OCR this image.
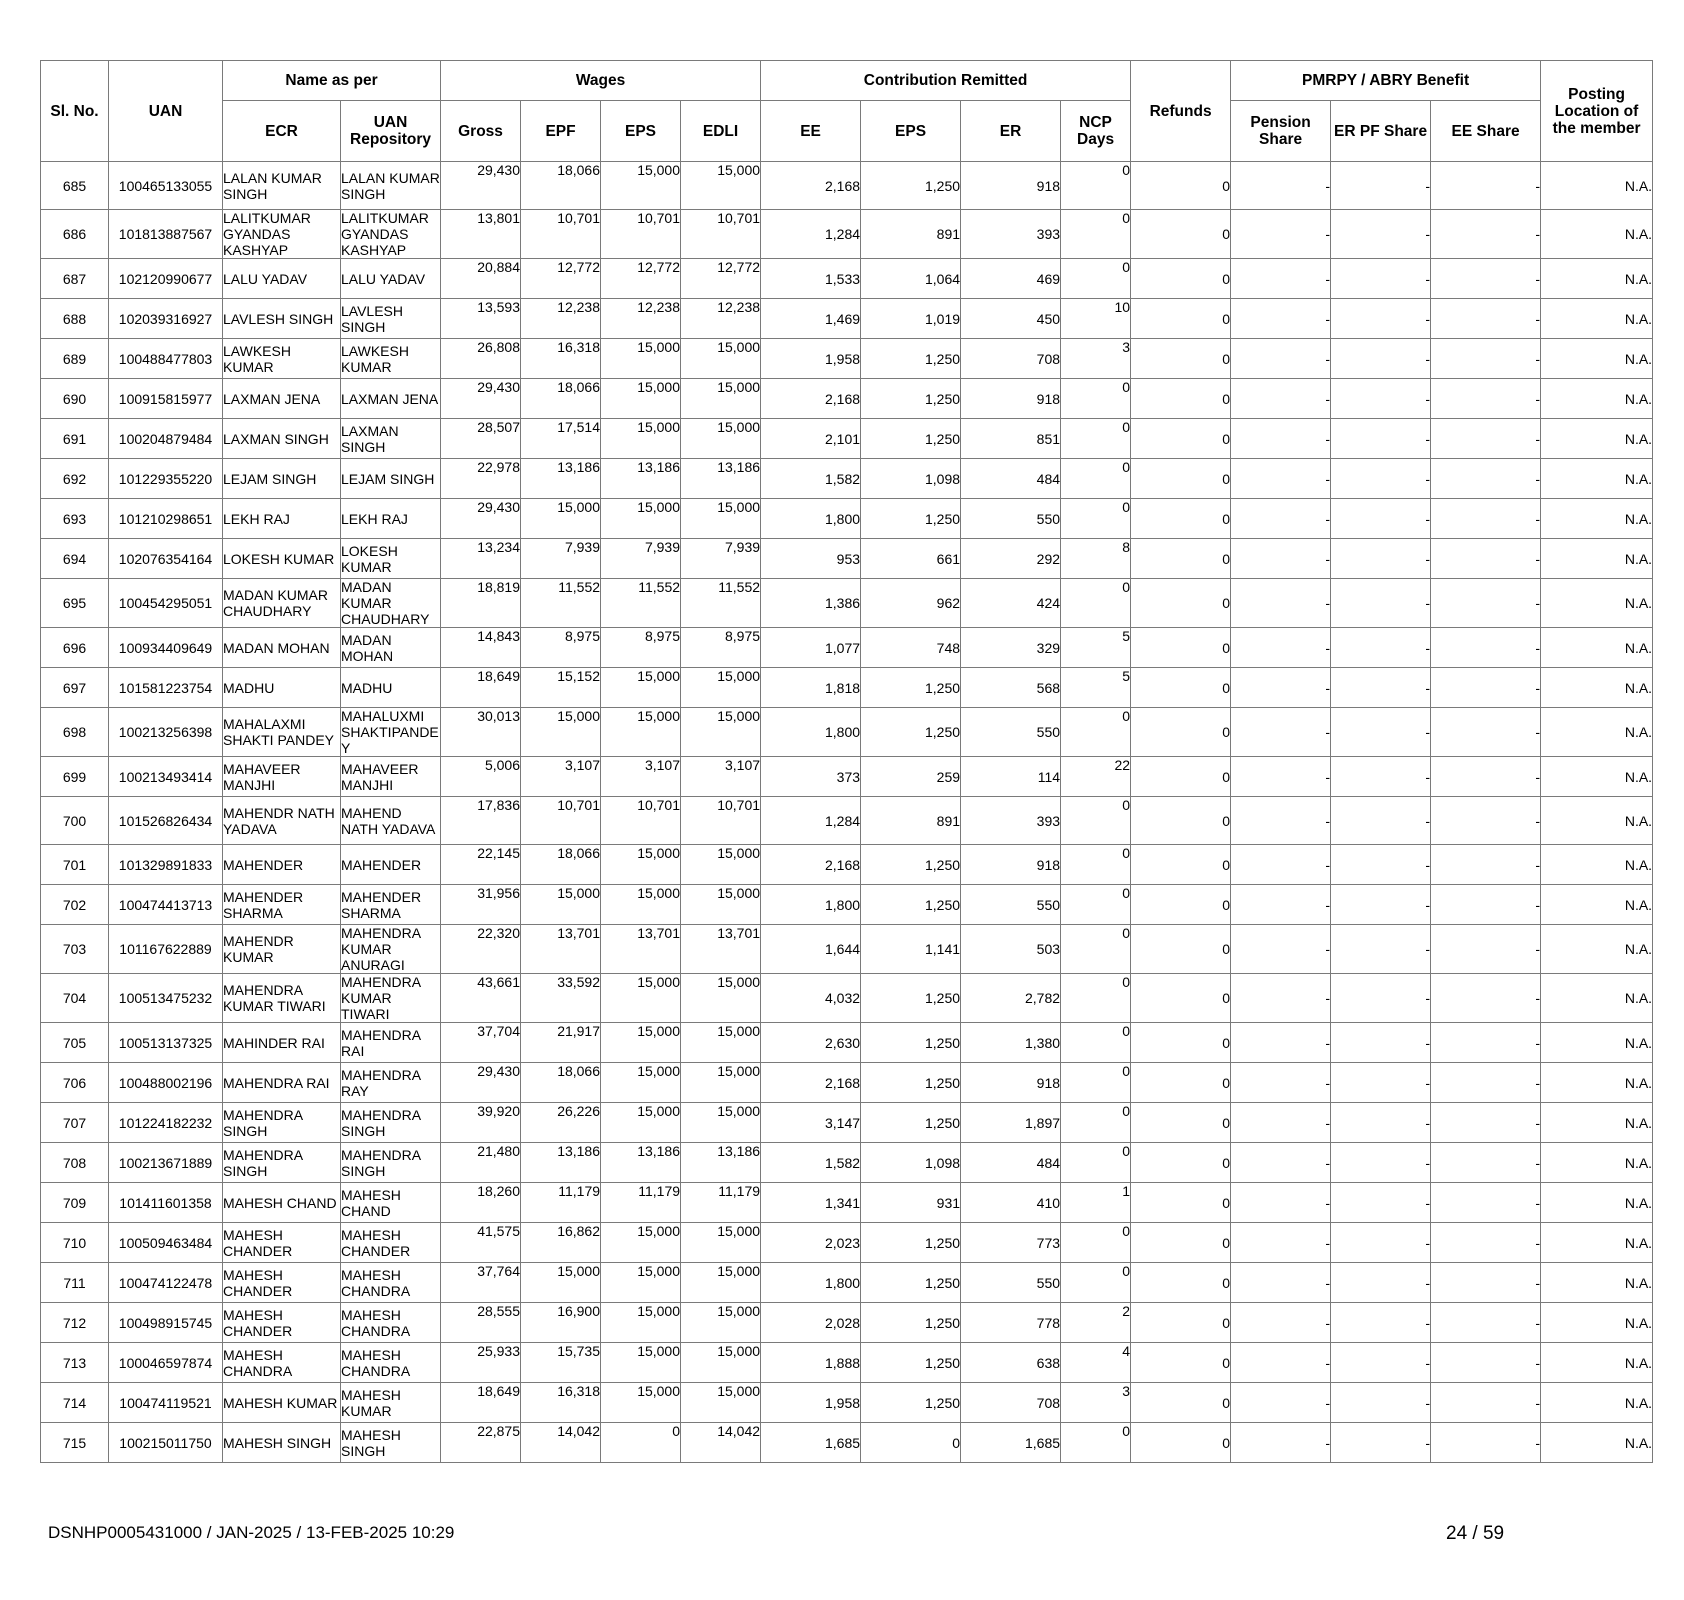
Sl. No.	UAN	Name as per		Wages				Contribution Remitted				Refunds	PMRPY / ABRY Benefit			Posting Location of the member
		ECR	UAN Repository	Gross	EPF	EPS	EDLI	EE	EPS	ER	NCP Days		Pension Share	ER PF Share	EE Share	
685	100465133055	LALAN KUMAR SINGH	LALAN KUMAR SINGH	29,430	18,066	15,000	15,000	2,168	1,250	918	0	0	-	-	-	N.A.
686	101813887567	LALITKUMAR GYANDAS KASHYAP	LALITKUMAR GYANDAS KASHYAP	13,801	10,701	10,701	10,701	1,284	891	393	0	0	-	-	-	N.A.
687	102120990677	LALU YADAV	LALU YADAV	20,884	12,772	12,772	12,772	1,533	1,064	469	0	0	-	-	-	N.A.
688	102039316927	LAVLESH SINGH	LAVLESH SINGH	13,593	12,238	12,238	12,238	1,469	1,019	450	10	0	-	-	-	N.A.
689	100488477803	LAWKESH KUMAR	LAWKESH KUMAR	26,808	16,318	15,000	15,000	1,958	1,250	708	3	0	-	-	-	N.A.
690	100915815977	LAXMAN JENA	LAXMAN JENA	29,430	18,066	15,000	15,000	2,168	1,250	918	0	0	-	-	-	N.A.
691	100204879484	LAXMAN SINGH	LAXMAN SINGH	28,507	17,514	15,000	15,000	2,101	1,250	851	0	0	-	-	-	N.A.
692	101229355220	LEJAM SINGH	LEJAM SINGH	22,978	13,186	13,186	13,186	1,582	1,098	484	0	0	-	-	-	N.A.
693	101210298651	LEKH RAJ	LEKH RAJ	29,430	15,000	15,000	15,000	1,800	1,250	550	0	0	-	-	-	N.A.
694	102076354164	LOKESH KUMAR	LOKESH KUMAR	13,234	7,939	7,939	7,939	953	661	292	8	0	-	-	-	N.A.
695	100454295051	MADAN KUMAR CHAUDHARY	MADAN KUMAR CHAUDHARY	18,819	11,552	11,552	11,552	1,386	962	424	0	0	-	-	-	N.A.
696	100934409649	MADAN MOHAN	MADAN MOHAN	14,843	8,975	8,975	8,975	1,077	748	329	5	0	-	-	-	N.A.
697	101581223754	MADHU	MADHU	18,649	15,152	15,000	15,000	1,818	1,250	568	5	0	-	-	-	N.A.
698	100213256398	MAHALAXMI SHAKTI PANDEY	MAHALUXMI SHAKTIPANDEY	30,013	15,000	15,000	15,000	1,800	1,250	550	0	0	-	-	-	N.A.
699	100213493414	MAHAVEER MANJHI	MAHAVEER MANJHI	5,006	3,107	3,107	3,107	373	259	114	22	0	-	-	-	N.A.
700	101526826434	MAHENDR NATH YADAVA	MAHEND NATH YADAVA	17,836	10,701	10,701	10,701	1,284	891	393	0	0	-	-	-	N.A.
701	101329891833	MAHENDER	MAHENDER	22,145	18,066	15,000	15,000	2,168	1,250	918	0	0	-	-	-	N.A.
702	100474413713	MAHENDER SHARMA	MAHENDER SHARMA	31,956	15,000	15,000	15,000	1,800	1,250	550	0	0	-	-	-	N.A.
703	101167622889	MAHENDR KUMAR	MAHENDRA KUMAR ANURAGI	22,320	13,701	13,701	13,701	1,644	1,141	503	0	0	-	-	-	N.A.
704	100513475232	MAHENDRA KUMAR TIWARI	MAHENDRA KUMAR TIWARI	43,661	33,592	15,000	15,000	4,032	1,250	2,782	0	0	-	-	-	N.A.
705	100513137325	MAHINDER RAI	MAHENDRA RAI	37,704	21,917	15,000	15,000	2,630	1,250	1,380	0	0	-	-	-	N.A.
706	100488002196	MAHENDRA RAI	MAHENDRA RAY	29,430	18,066	15,000	15,000	2,168	1,250	918	0	0	-	-	-	N.A.
707	101224182232	MAHENDRA SINGH	MAHENDRA SINGH	39,920	26,226	15,000	15,000	3,147	1,250	1,897	0	0	-	-	-	N.A.
708	100213671889	MAHENDRA SINGH	MAHENDRA SINGH	21,480	13,186	13,186	13,186	1,582	1,098	484	0	0	-	-	-	N.A.
709	101411601358	MAHESH CHAND	MAHESH CHAND	18,260	11,179	11,179	11,179	1,341	931	410	1	0	-	-	-	N.A.
710	100509463484	MAHESH CHANDER	MAHESH CHANDER	41,575	16,862	15,000	15,000	2,023	1,250	773	0	0	-	-	-	N.A.
711	100474122478	MAHESH CHANDER	MAHESH CHANDRA	37,764	15,000	15,000	15,000	1,800	1,250	550	0	0	-	-	-	N.A.
712	100498915745	MAHESH CHANDER	MAHESH CHANDRA	28,555	16,900	15,000	15,000	2,028	1,250	778	2	0	-	-	-	N.A.
713	100046597874	MAHESH CHANDRA	MAHESH CHANDRA	25,933	15,735	15,000	15,000	1,888	1,250	638	4	0	-	-	-	N.A.
714	100474119521	MAHESH KUMAR	MAHESH KUMAR	18,649	16,318	15,000	15,000	1,958	1,250	708	3	0	-	-	-	N.A.
715	100215011750	MAHESH SINGH	MAHESH SINGH	22,875	14,042	0	14,042	1,685	0	1,685	0	0	-	-	-	N.A.
DSNHP0005431000 / JAN-2025 / 13-FEB-2025 10:29	24 / 59
